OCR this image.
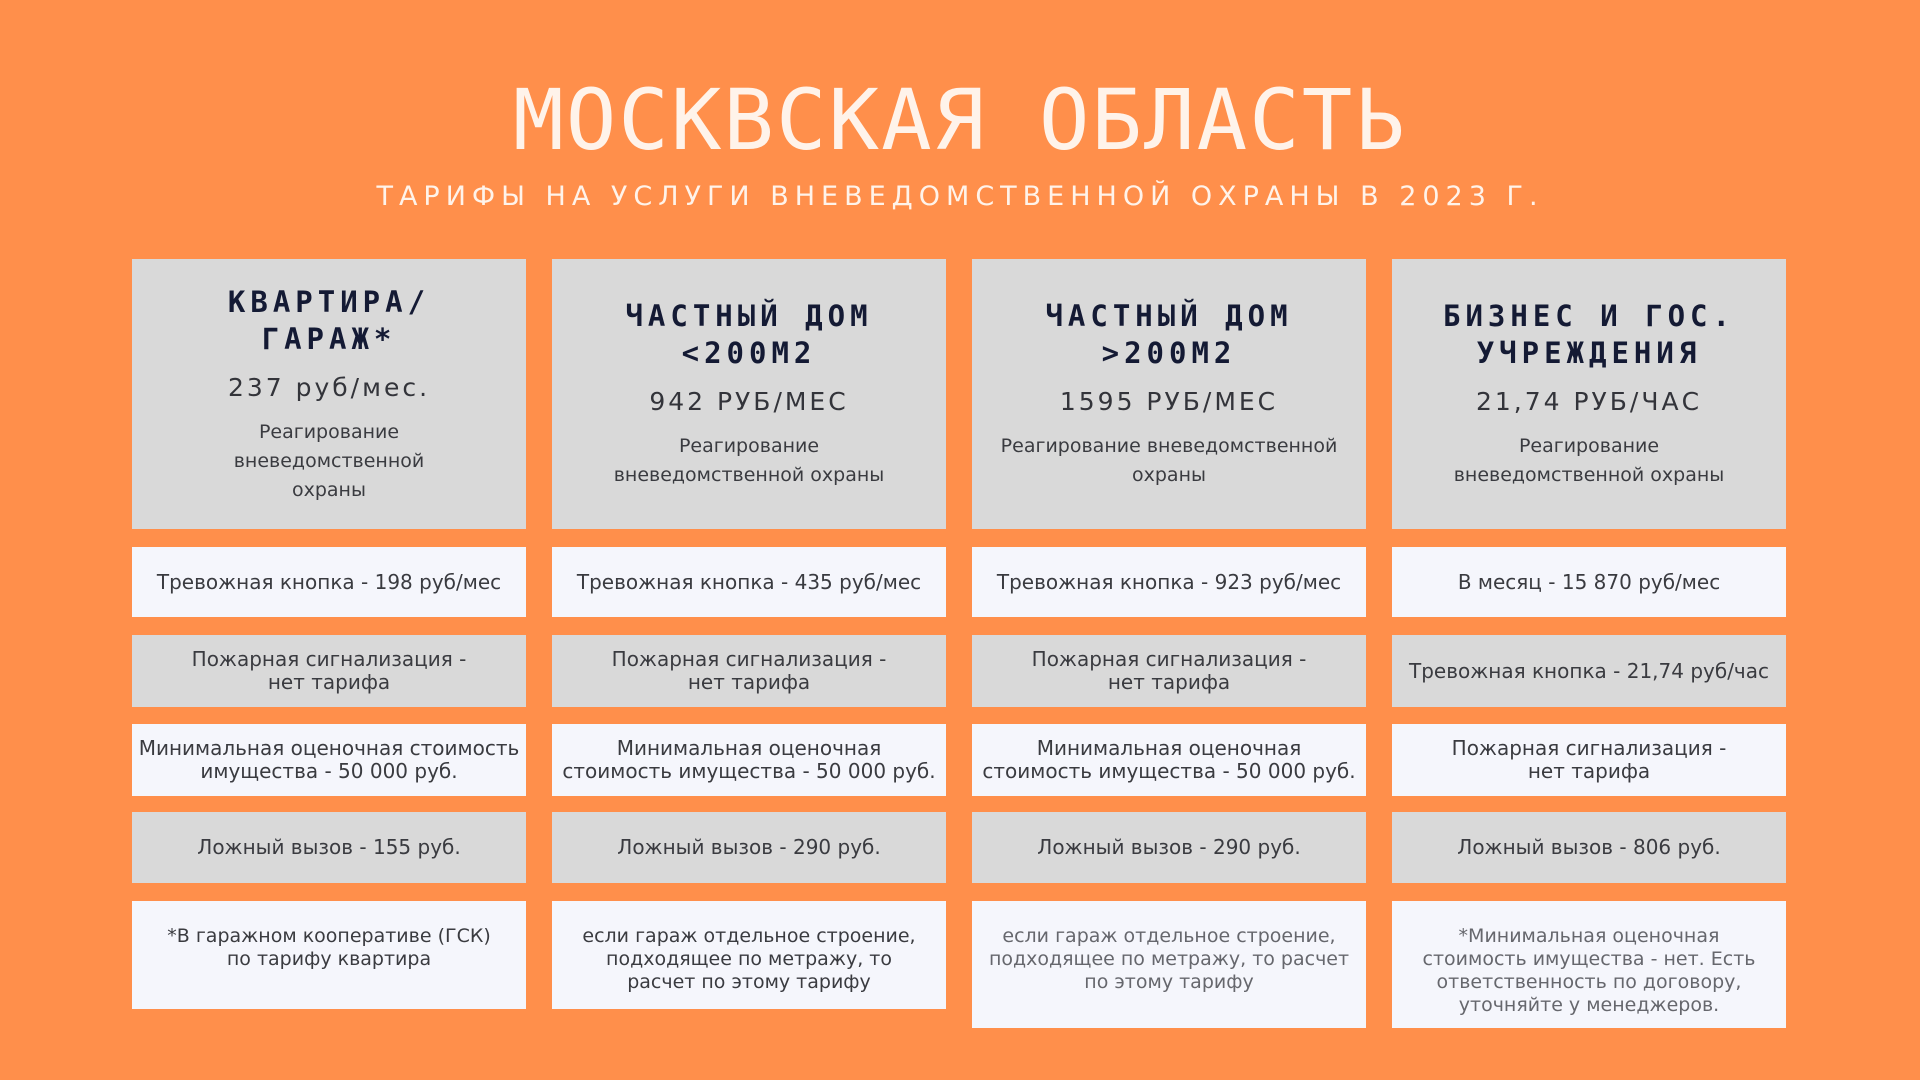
МОСКВСКАЯ ОБЛАСТЬ
ТАРИФЫ НА УСЛУГИ ВНЕВЕДОМСТВЕННОЙ ОХРАНЫ В 2023 Г.
КВАРТИРА/
ГАРАЖ*
237 руб/мес.
Реагирование
вневедомственной
охраны
Тревожная кнопка - 198 руб/мес
Пожарная сигнализация -
нет тарифа
Минимальная оценочная стоимость
имущества - 50 000 руб.
Ложный вызов - 155 руб.
*В гаражном кооперативе (ГСК)
по тарифу квартира
ЧАСТНЫЙ ДОМ
<200М2
942 РУБ/МЕС
Реагирование
вневедомственной охраны
Тревожная кнопка - 435 руб/мес
Пожарная сигнализация -
нет тарифа
Минимальная оценочная
стоимость имущества - 50 000 руб.
Ложный вызов - 290 руб.
если гараж отдельное строение,
подходящее по метражу, то
расчет по этому тарифу
ЧАСТНЫЙ ДОМ
>200М2
1595 РУБ/МЕС
Реагирование вневедомственной
охраны
Тревожная кнопка - 923 руб/мес
Пожарная сигнализация -
нет тарифа
Минимальная оценочная
стоимость имущества - 50 000 руб.
Ложный вызов - 290 руб.
если гараж отдельное строение,
подходящее по метражу, то расчет
по этому тарифу
БИЗНЕС И ГОС.
УЧРЕЖДЕНИЯ
21,74 РУБ/ЧАС
Реагирование
вневедомственной охраны
В месяц - 15 870 руб/мес
Тревожная кнопка - 21,74 руб/час
Пожарная сигнализация -
нет тарифа
Ложный вызов - 806 руб.
*Минимальная оценочная
стоимость имущества - нет. Есть
ответственность по договору,
уточняйте у менеджеров.
